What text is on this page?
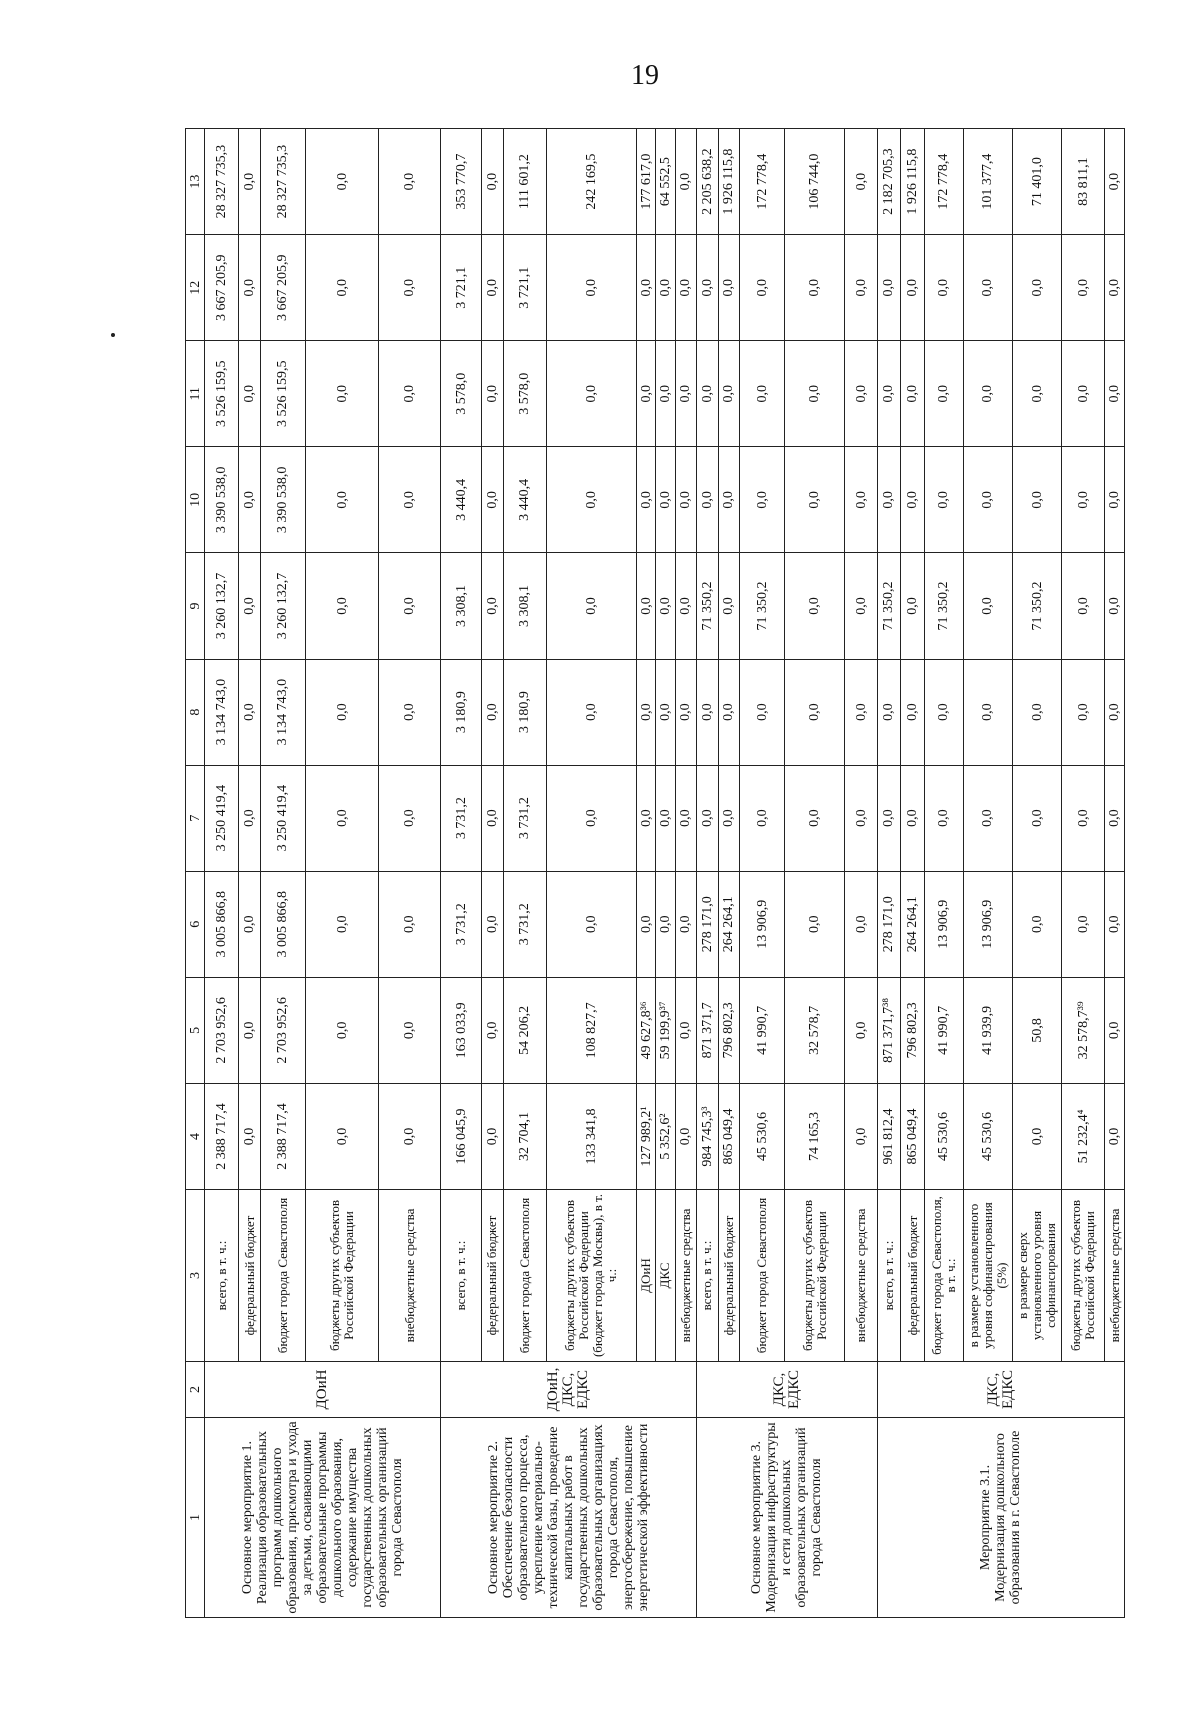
19
1	2	3	4	5	6	7	8	9	10	11	12	13
Основное мероприятие 1. Реализация образовательных программ дошкольного образования, присмотра и ухода за детьми, осваивающими образовательные программы дошкольного образования, содержание имущества государственных дошкольных образовательных организаций города Севастополя	ДОиН	всего, в т. ч.:	2 388 717,4	2 703 952,6	3 005 866,8	3 250 419,4	3 134 743,0	3 260 132,7	3 390 538,0	3 526 159,5	3 667 205,9	28 327 735,3
		федеральный бюджет	0,0	0,0	0,0	0,0	0,0	0,0	0,0	0,0	0,0	0,0
		бюджет города Севастополя	2 388 717,4	2 703 952,6	3 005 866,8	3 250 419,4	3 134 743,0	3 260 132,7	3 390 538,0	3 526 159,5	3 667 205,9	28 327 735,3
		бюджеты других субъектов Российской Федерации	0,0	0,0	0,0	0,0	0,0	0,0	0,0	0,0	0,0	0,0
		внебюджетные средства	0,0	0,0	0,0	0,0	0,0	0,0	0,0	0,0	0,0	0,0
Основное мероприятие 2. Обеспечение безопасности образовательного процесса, укрепление материально-технической базы, проведение капитальных работ в государственных дошкольных образовательных организациях города Севастополя, энергосбережение, повышение энергетической эффективности	ДОиН, ДКС, ЕДКС	всего, в т. ч.:	166 045,9	163 033,9	3 731,2	3 731,2	3 180,9	3 308,1	3 440,4	3 578,0	3 721,1	353 770,7
		федеральный бюджет	0,0	0,0	0,0	0,0	0,0	0,0	0,0	0,0	0,0	0,0
		бюджет города Севастополя	32 704,1	54 206,2	3 731,2	3 731,2	3 180,9	3 308,1	3 440,4	3 578,0	3 721,1	111 601,2
		бюджеты других субъектов Российской Федерации (бюджет города Москвы), в т. ч.:	133 341,8	108 827,7	0,0	0,0	0,0	0,0	0,0	0,0	0,0	242 169,5
		ДОиН	127 989,2¹	49 627,8³⁶	0,0	0,0	0,0	0,0	0,0	0,0	0,0	177 617,0
		ДКС	5 352,6²	59 199,9³⁷	0,0	0,0	0,0	0,0	0,0	0,0	0,0	64 552,5
		внебюджетные средства	0,0	0,0	0,0	0,0	0,0	0,0	0,0	0,0	0,0	0,0
Основное мероприятие 3. Модернизация инфраструктуры и сети дошкольных образовательных организаций города Севастополя	ДКС, ЕДКС	всего, в т. ч.:	984 745,3³	871 371,7	278 171,0	0,0	0,0	71 350,2	0,0	0,0	0,0	2 205 638,2
		федеральный бюджет	865 049,4	796 802,3	264 264,1	0,0	0,0	0,0	0,0	0,0	0,0	1 926 115,8
		бюджет города Севастополя	45 530,6	41 990,7	13 906,9	0,0	0,0	71 350,2	0,0	0,0	0,0	172 778,4
		бюджеты других субъектов Российской Федерации	74 165,3	32 578,7	0,0	0,0	0,0	0,0	0,0	0,0	0,0	106 744,0
		внебюджетные средства	0,0	0,0	0,0	0,0	0,0	0,0	0,0	0,0	0,0	0,0
Мероприятие 3.1. Модернизация дошкольного образования в г. Севастополе	ДКС, ЕДКС	всего, в т. ч.:	961 812,4	871 371,7³⁸	278 171,0	0,0	0,0	71 350,2	0,0	0,0	0,0	2 182 705,3
		федеральный бюджет	865 049,4	796 802,3	264 264,1	0,0	0,0	0,0	0,0	0,0	0,0	1 926 115,8
		бюджет города Севастополя, в т. ч.:	45 530,6	41 990,7	13 906,9	0,0	0,0	71 350,2	0,0	0,0	0,0	172 778,4
		в размере установленного уровня софинансирования (5%)	45 530,6	41 939,9	13 906,9	0,0	0,0	0,0	0,0	0,0	0,0	101 377,4
		в размере сверх установленного уровня софинансирования	0,0	50,8	0,0	0,0	0,0	71 350,2	0,0	0,0	0,0	71 401,0
		бюджеты других субъектов Российской Федерации	51 232,4⁴	32 578,7³⁹	0,0	0,0	0,0	0,0	0,0	0,0	0,0	83 811,1
		внебюджетные средства	0,0	0,0	0,0	0,0	0,0	0,0	0,0	0,0	0,0	0,0
